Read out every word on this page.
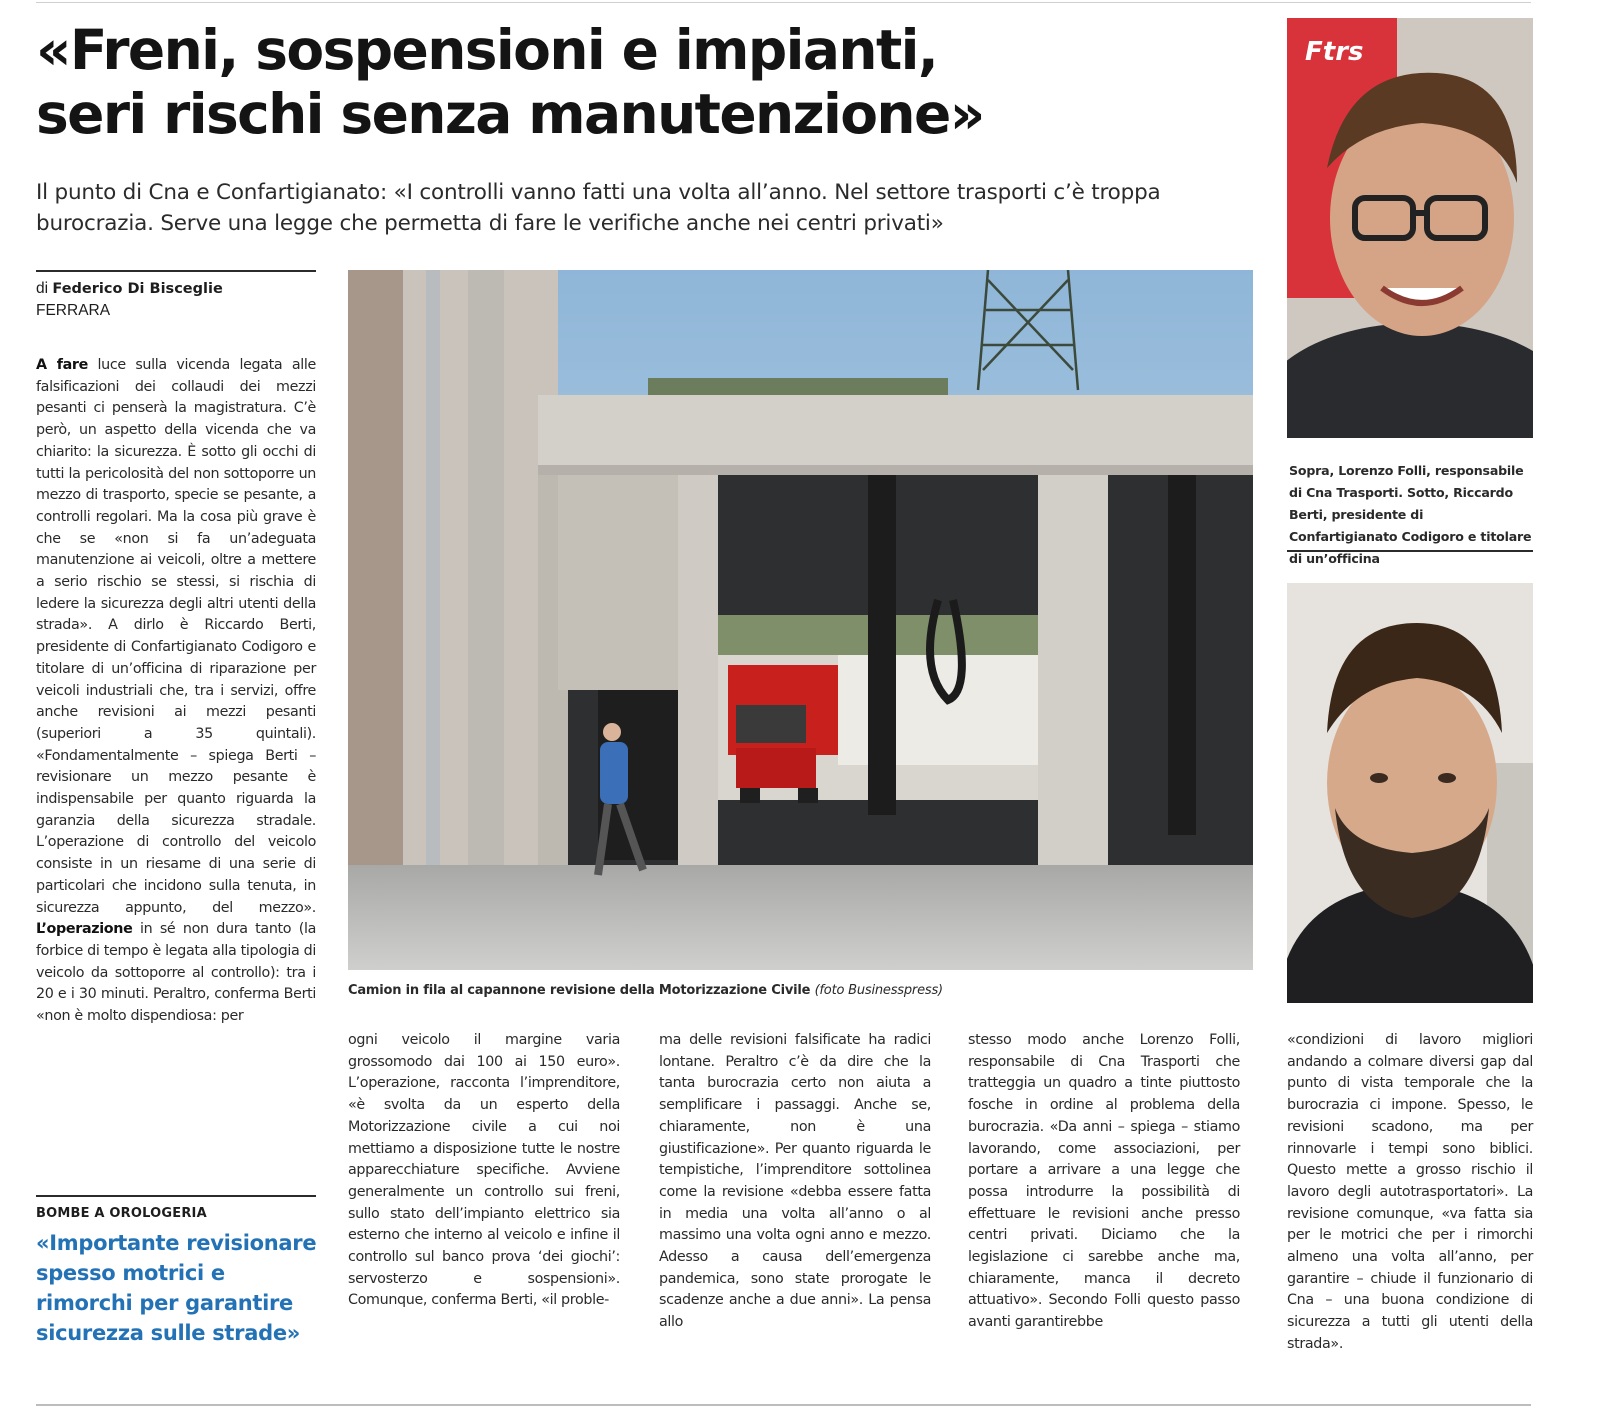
«Freni, sospensioni e impianti,
seri rischi senza manutenzione»

Il punto di Cna e Confartigianato: «I controlli vanno fatti una volta all’anno. Nel settore trasporti c’è troppa burocrazia. Serve una legge che permetta di fare le verifiche anche nei centri privati»

di Federico Di Bisceglie
FERRARA

A fare luce sulla vicenda legata alle falsificazioni dei collaudi dei mezzi pesanti ci penserà la magistratura. C’è però, un aspetto della vicenda che va chiarito: la sicurezza. È sotto gli occhi di tutti la pericolosità del non sottoporre un mezzo di trasporto, specie se pesante, a controlli regolari. Ma la cosa più grave è che se «non si fa un’adeguata manutenzione ai veicoli, oltre a mettere a serio rischio se stessi, si rischia di ledere la sicurezza degli altri utenti della strada». A dirlo è Riccardo Berti, presidente di Confartigianato Codigoro e titolare di un’officina di riparazione per veicoli industriali che, tra i servizi, offre anche revisioni ai mezzi pesanti (superiori a 35 quintali). «Fondamentalmente – spiega Berti – revisionare un mezzo pesante è indispensabile per quanto riguarda la garanzia della sicurezza stradale. L’operazione di controllo del veicolo consiste in un riesame di una serie di particolari che incidono sulla tenuta, in sicurezza appunto, del mezzo». L’operazione in sé non dura tanto (la forbice di tempo è legata alla tipologia di veicolo da sottoporre al controllo): tra i 20 e i 30 minuti. Peraltro, conferma Berti «non è molto dispendiosa: per

BOMBE A OROLOGERIA

«Importante revisionare spesso motrici e rimorchi per garantire sicurezza sulle strade»

Camion in fila al capannone revisione della Motorizzazione Civile (foto Businesspress)

ogni veicolo il margine varia grossomodo dai 100 ai 150 euro». L’operazione, racconta l’imprenditore, «è svolta da un esperto della Motorizzazione civile a cui noi mettiamo a disposizione tutte le nostre apparecchiature specifiche. Avviene generalmente un controllo sui freni, sullo stato dell’impianto elettrico sia esterno che interno al veicolo e infine il controllo sul banco prova ‘dei giochi’: servosterzo e sospensioni». Comunque, conferma Berti, «il proble-

ma delle revisioni falsificate ha radici lontane. Peraltro c’è da dire che la tanta burocrazia certo non aiuta a semplificare i passaggi. Anche se, chiaramente, non è una giustificazione». Per quanto riguarda le tempistiche, l’imprenditore sottolinea come la revisione «debba essere fatta in media una volta all’anno o al massimo una volta ogni anno e mezzo. Adesso a causa dell’emergenza pandemica, sono state prorogate le scadenze anche a due anni». La pensa allo

stesso modo anche Lorenzo Folli, responsabile di Cna Trasporti che tratteggia un quadro a tinte piuttosto fosche in ordine al problema della burocrazia. «Da anni – spiega – stiamo lavorando, come associazioni, per portare a arrivare a una legge che possa introdurre la possibilità di effettuare le revisioni anche presso centri privati. Diciamo che la legislazione ci sarebbe anche ma, chiaramente, manca il decreto attuativo». Secondo Folli questo passo avanti garantirebbe

«condizioni di lavoro migliori andando a colmare diversi gap dal punto di vista temporale che la burocrazia ci impone. Spesso, le revisioni scadono, ma per rinnovarle i tempi sono biblici. Questo mette a grosso rischio il lavoro degli autotrasportatori». La revisione comunque, «va fatta sia per le motrici che per i rimorchi almeno una volta all’anno, per garantire – chiude il funzionario di Cna – una buona condizione di sicurezza a tutti gli utenti della strada».

Ftrs

Sopra, Lorenzo Folli, responsabile di Cna Trasporti. Sotto, Riccardo Berti, presidente di Confartigianato Codigoro e titolare di un’officina
